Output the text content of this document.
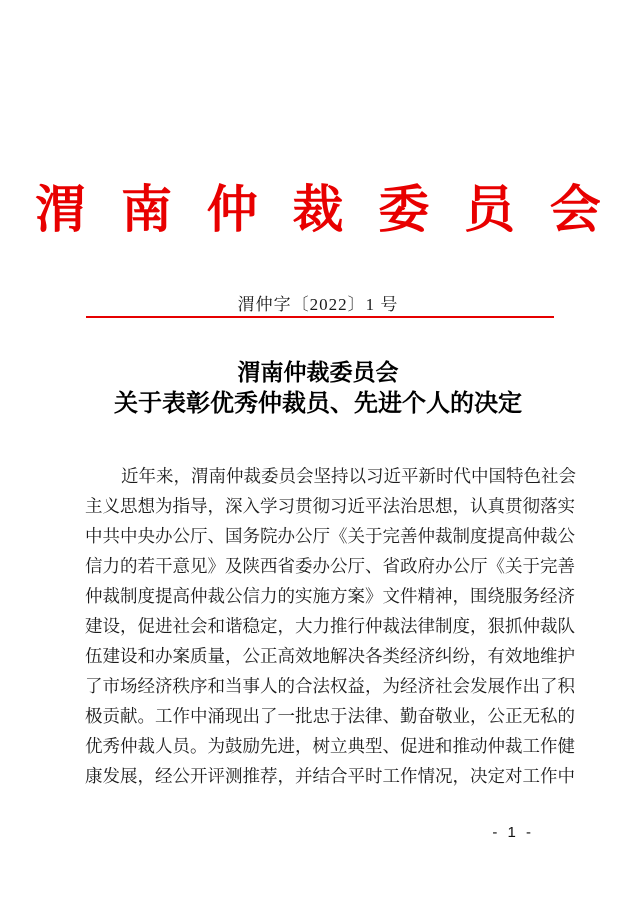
渭 南 仲 裁 委 员 会
渭仲字〔2022〕1 号
渭南仲裁委员会
关于表彰优秀仲裁员、先进个人的决定
近年来，渭南仲裁委员会坚持以习近平新时代中国特色社会
主义思想为指导，深入学习贯彻习近平法治思想，认真贯彻落实
中共中央办公厅、国务院办公厅《关于完善仲裁制度提高仲裁公
信力的若干意见》及陕西省委办公厅、省政府办公厅《关于完善
仲裁制度提高仲裁公信力的实施方案》文件精神，围绕服务经济
建设，促进社会和谐稳定，大力推行仲裁法律制度，狠抓仲裁队
伍建设和办案质量，公正高效地解决各类经济纠纷，有效地维护
了市场经济秩序和当事人的合法权益，为经济社会发展作出了积
极贡献。工作中涌现出了一批忠于法律、勤奋敬业，公正无私的
优秀仲裁人员。为鼓励先进，树立典型、促进和推动仲裁工作健
康发展，经公开评测推荐，并结合平时工作情况，决定对工作中
- 1 -
